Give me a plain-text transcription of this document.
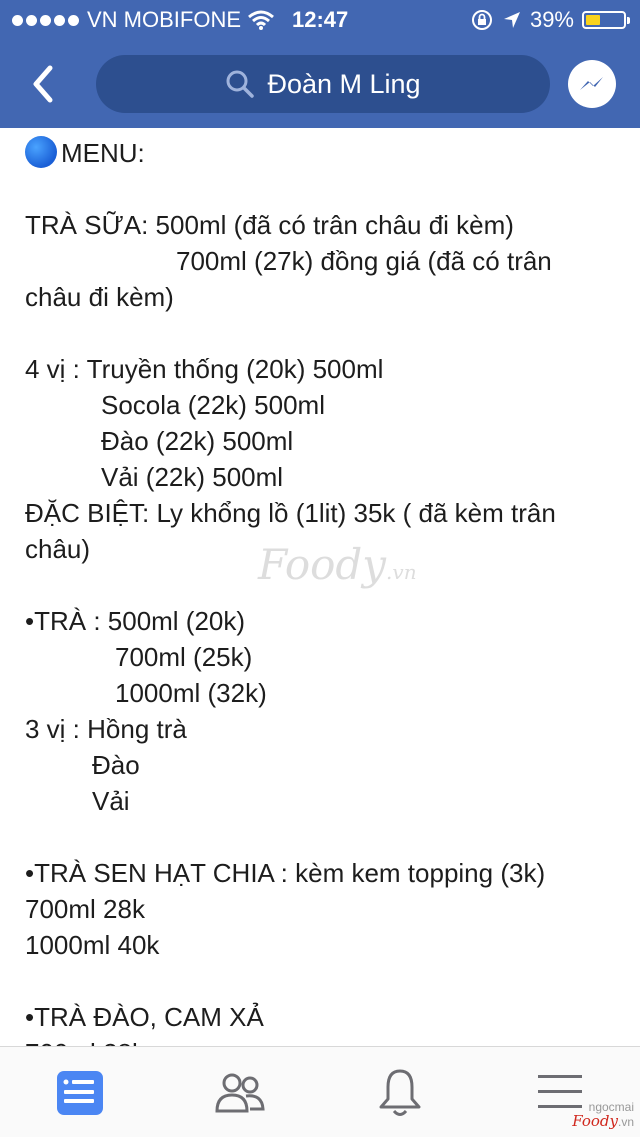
VN MOBIFONE 12:47	39%
Đoàn M Ling
MENU:
TRÀ SỮA: 500ml (đã có trân châu đi kèm)
700ml (27k) đồng giá (đã có trân
châu đi kèm)
4 vị : Truyền thống (20k) 500ml
Socola (22k) 500ml
Đào (22k) 500ml
Vải (22k) 500ml
ĐẶC BIỆT: Ly khổng lồ (1lit) 35k ( đã kèm trân
châu)
•TRÀ : 500ml (20k)
700ml (25k)
1000ml (32k)
3 vị : Hồng trà
Đào
Vải
•TRÀ SEN HẠT CHIA : kèm kem topping (3k)
700ml 28k
1000ml 40k
•TRÀ ĐÀO, CAM XẢ
Foody.vn
ngocmai
Foody.vn
